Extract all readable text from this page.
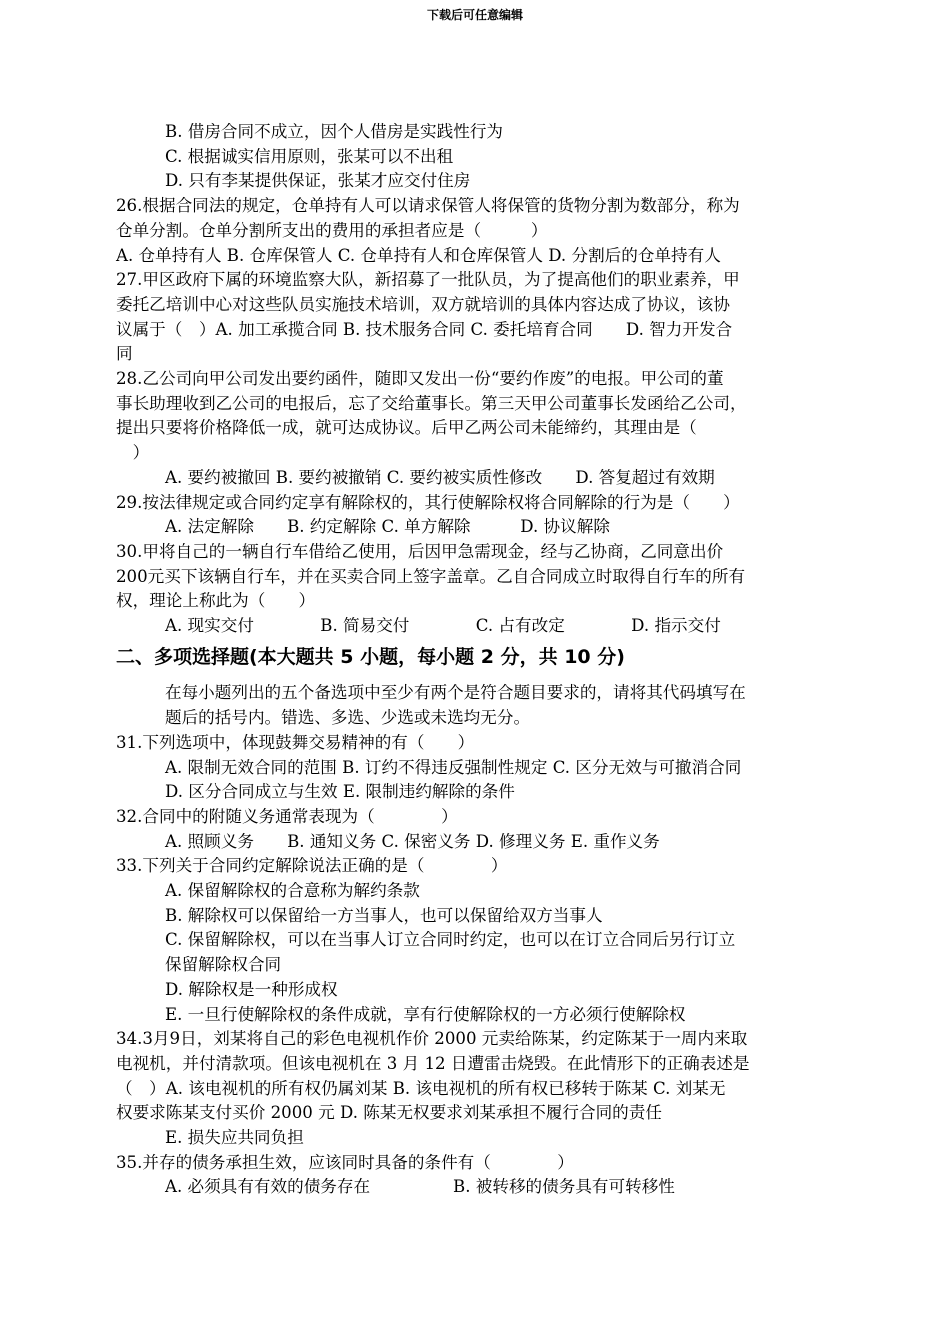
下载后可任意编辑
B. 借房合同不成立，因个人借房是实践性行为
C. 根据诚实信用原则，张某可以不出租
D. 只有李某提供保证，张某才应交付住房
26.根据合同法的规定，仓单持有人可以请求保管人将保管的货物分割为数部分，称为
仓单分割。仓单分割所支出的费用的承担者应是（　　　）
A. 仓单持有人 B. 仓库保管人 C. 仓单持有人和仓库保管人 D. 分割后的仓单持有人
27.甲区政府下属的环境监察大队，新招募了一批队员，为了提高他们的职业素养，甲
委托乙培训中心对这些队员实施技术培训，双方就培训的具体内容达成了协议，该协
议属于（　）A. 加工承揽合同 B. 技术服务合同 C. 委托培育合同　　D. 智力开发合
同
28.乙公司向甲公司发出要约函件，随即又发出一份“要约作废”的电报。甲公司的董
事长助理收到乙公司的电报后，忘了交给董事长。第三天甲公司董事长发函给乙公司，
提出只要将价格降低一成，就可达成协议。后甲乙两公司未能缔约，其理由是（
　）
A. 要约被撤回 B. 要约被撤销 C. 要约被实质性修改　　D. 答复超过有效期
29.按法律规定或合同约定享有解除权的，其行使解除权将合同解除的行为是（　　）
A. 法定解除　　B. 约定解除 C. 单方解除　　　D. 协议解除
30.甲将自己的一辆自行车借给乙使用，后因甲急需现金，经与乙协商，乙同意出价
200元买下该辆自行车，并在买卖合同上签字盖章。乙自合同成立时取得自行车的所有
权，理论上称此为（　　）
A. 现实交付　　　　B. 简易交付　　　　C. 占有改定　　　　D. 指示交付
二、多项选择题(本大题共 5 小题，每小题 2 分，共 10 分)
在每小题列出的五个备选项中至少有两个是符合题目要求的，请将其代码填写在
题后的括号内。错选、多选、少选或未选均无分。
31.下列选项中，体现鼓舞交易精神的有（　　）
A. 限制无效合同的范围 B. 订约不得违反强制性规定 C. 区分无效与可撤消合同
D. 区分合同成立与生效 E. 限制违约解除的条件
32.合同中的附随义务通常表现为（　　　　）
A. 照顾义务　　B. 通知义务 C. 保密义务 D. 修理义务 E. 重作义务
33.下列关于合同约定解除说法正确的是（　　　　）
A. 保留解除权的合意称为解约条款
B. 解除权可以保留给一方当事人，也可以保留给双方当事人
C. 保留解除权，可以在当事人订立合同时约定，也可以在订立合同后另行订立
保留解除权合同
D. 解除权是一种形成权
E. 一旦行使解除权的条件成就，享有行使解除权的一方必须行使解除权
34.3月9日，刘某将自己的彩色电视机作价 2000 元卖给陈某，约定陈某于一周内来取
电视机，并付清款项。但该电视机在 3 月 12 日遭雷击烧毁。在此情形下的正确表述是
（　）A. 该电视机的所有权仍属刘某 B. 该电视机的所有权已移转于陈某 C. 刘某无
权要求陈某支付买价 2000 元 D. 陈某无权要求刘某承担不履行合同的责任
E. 损失应共同负担
35.并存的债务承担生效，应该同时具备的条件有（　　　　）
A. 必须具有有效的债务存在　　　　　B. 被转移的债务具有可转移性
